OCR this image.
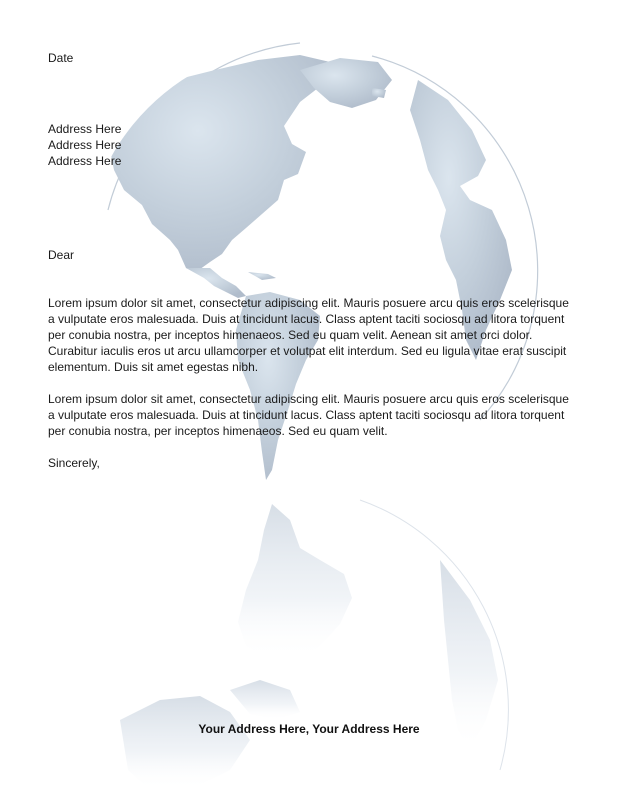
Date

Address Here
Address Here
Address Here

Dear

Lorem ipsum dolor sit amet, consectetur adipiscing elit. Mauris posuere arcu quis eros scelerisque a vulputate eros malesuada. Duis at tincidunt lacus. Class aptent taciti sociosqu ad litora torquent per conubia nostra, per inceptos himenaeos. Sed eu quam velit. Aenean sit amet orci dolor. Curabitur iaculis eros ut arcu ullamcorper et volutpat elit interdum. Sed eu ligula vitae erat suscipit elementum. Duis sit amet egestas nibh.

Lorem ipsum dolor sit amet, consectetur adipiscing elit. Mauris posuere arcu quis eros scelerisque a vulputate eros malesuada. Duis at tincidunt lacus. Class aptent taciti sociosqu ad litora torquent per conubia nostra, per inceptos himenaeos. Sed eu quam velit.

Sincerely,

Your Address Here, Your Address Here
